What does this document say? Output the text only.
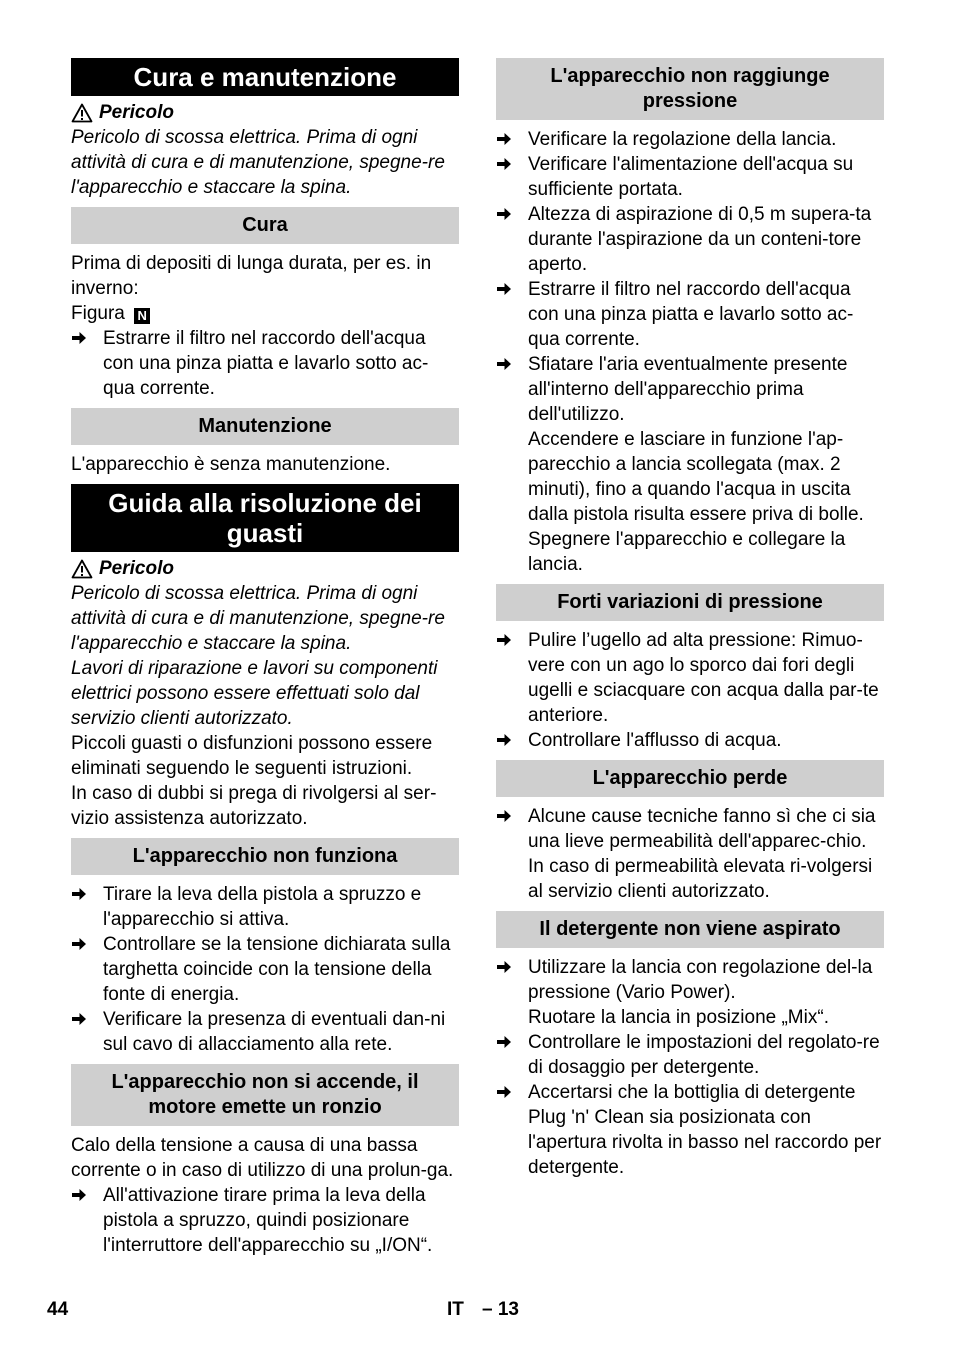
Cura e manutenzione
Pericolo
Pericolo di scossa elettrica. Prima di ogni attività di cura e di manutenzione, spegne-re l'apparecchio e staccare la spina.
Cura
Prima di depositi di lunga durata, per es. in inverno:
Figura N
Estrarre il filtro nel raccordo dell'acqua con una pinza piatta e lavarlo sotto ac-qua corrente.
Manutenzione
L'apparecchio è senza manutenzione.
Guida alla risoluzione dei guasti
Pericolo
Pericolo di scossa elettrica. Prima di ogni attività di cura e di manutenzione, spegne-re l'apparecchio e staccare la spina.
Lavori di riparazione e lavori su componenti elettrici possono essere effettuati solo dal servizio clienti autorizzato.
Piccoli guasti o disfunzioni possono essere eliminati seguendo le seguenti istruzioni.
In caso di dubbi si prega di rivolgersi al ser-vizio assistenza autorizzato.
L'apparecchio non funziona
Tirare la leva della pistola a spruzzo e l'apparecchio si attiva.
Controllare se la tensione dichiarata sulla targhetta coincide con la tensione della fonte di energia.
Verificare la presenza di eventuali dan-ni sul cavo di allacciamento alla rete.
L'apparecchio non si accende, il motore emette un ronzio
Calo della tensione a causa di una bassa corrente o in caso di utilizzo di una prolun-ga.
All'attivazione tirare prima la leva della pistola a spruzzo, quindi posizionare l'interruttore dell'apparecchio su „I/ON“.
L'apparecchio non raggiunge pressione
Verificare la regolazione della lancia.
Verificare l'alimentazione dell'acqua su sufficiente portata.
Altezza di aspirazione di 0,5 m supera-ta durante l'aspirazione da un conteni-tore aperto.
Estrarre il filtro nel raccordo dell'acqua con una pinza piatta e lavarlo sotto ac-qua corrente.
Sfiatare l'aria eventualmente presente all'interno dell'apparecchio prima dell'utilizzo.
Accendere e lasciare in funzione l'ap-parecchio a lancia scollegata (max. 2 minuti), fino a quando l'acqua in uscita dalla pistola risulta essere priva di bolle.
Spegnere l'apparecchio e collegare la lancia.
Forti variazioni di pressione
Pulire l’ugello ad alta pressione: Rimuo-vere con un ago lo sporco dai fori degli ugelli e sciacquare con acqua dalla par-te anteriore.
Controllare l'afflusso di acqua.
L'apparecchio perde
Alcune cause tecniche fanno sì che ci sia una lieve permeabilità dell'apparec-chio. In caso di permeabilità elevata ri-volgersi al servizio clienti autorizzato.
Il detergente non viene aspirato
Utilizzare la lancia con regolazione del-la pressione (Vario Power).
Ruotare la lancia in posizione „Mix“.
Controllare le impostazioni del regolato-re di dosaggio per detergente.
Accertarsi che la bottiglia di detergente Plug 'n' Clean sia posizionata con l'apertura rivolta in basso nel raccordo per detergente.
44	IT – 13
